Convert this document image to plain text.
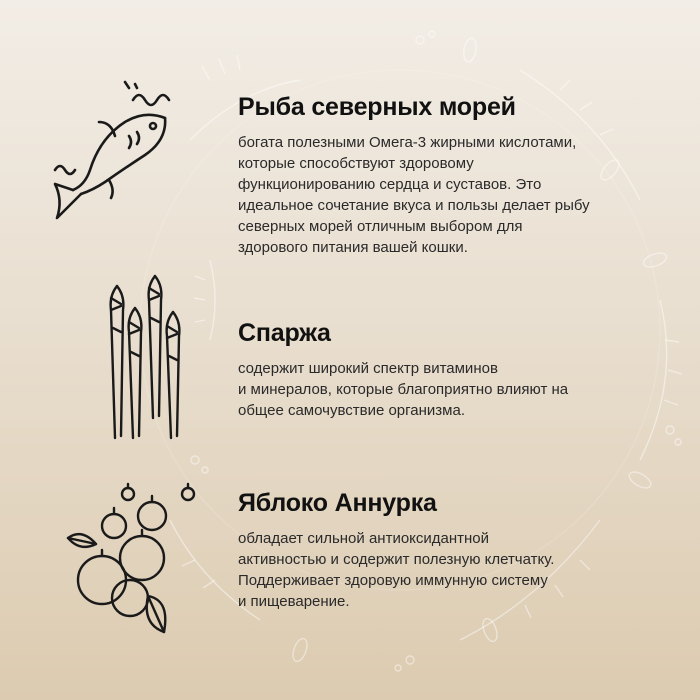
Рыба северных морей
богата полезными Омега-3 жирными кислотами,
которые способствуют здоровому
функционированию сердца и суставов. Это
идеальное сочетание вкуса и пользы делает рыбу
северных морей отличным выбором для
здорового питания вашей кошки.
Спаржа
содержит широкий спектр витаминов
и минералов, которые благоприятно влияют на
общее самочувствие организма.
Яблоко Аннурка
обладает сильной антиоксидантной
активностью и содержит полезную клетчатку.
Поддерживает здоровую иммунную систему
и пищеварение.
